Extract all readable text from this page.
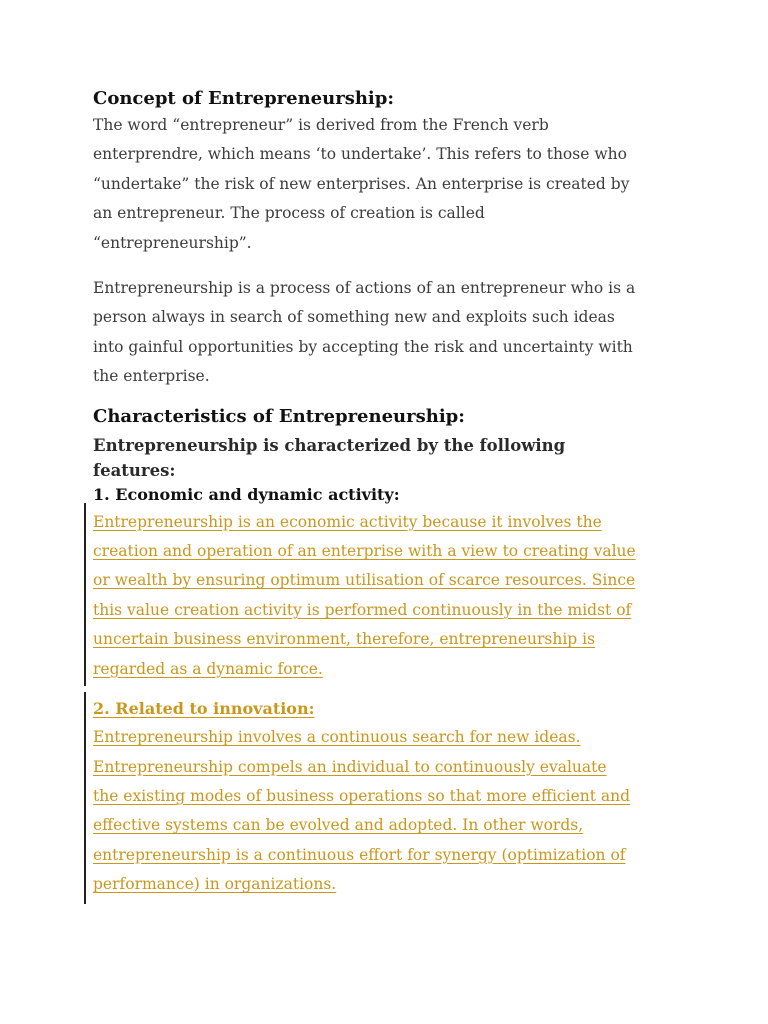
Concept of Entrepreneurship:

The word “entrepreneur” is derived from the French verb
enterprendre, which means ‘to undertake’. This refers to those who
“undertake” the risk of new enterprises. An enterprise is created by
an entrepreneur. The process of creation is called
“entrepreneurship”.

Entrepreneurship is a process of actions of an entrepreneur who is a
person always in search of something new and exploits such ideas
into gainful opportunities by accepting the risk and uncertainty with
the enterprise.

Characteristics of Entrepreneurship:

Entrepreneurship is characterized by the following
features:

1. Economic and dynamic activity:

Entrepreneurship is an economic activity because it involves the
creation and operation of an enterprise with a view to creating value
or wealth by ensuring optimum utilisation of scarce resources. Since
this value creation activity is performed continuously in the midst of
uncertain business environment, therefore, entrepreneurship is
regarded as a dynamic force.

2. Related to innovation:

Entrepreneurship involves a continuous search for new ideas.
Entrepreneurship compels an individual to continuously evaluate
the existing modes of business operations so that more efficient and
effective systems can be evolved and adopted. In other words,
entrepreneurship is a continuous effort for synergy (optimization of
performance) in organizations.
